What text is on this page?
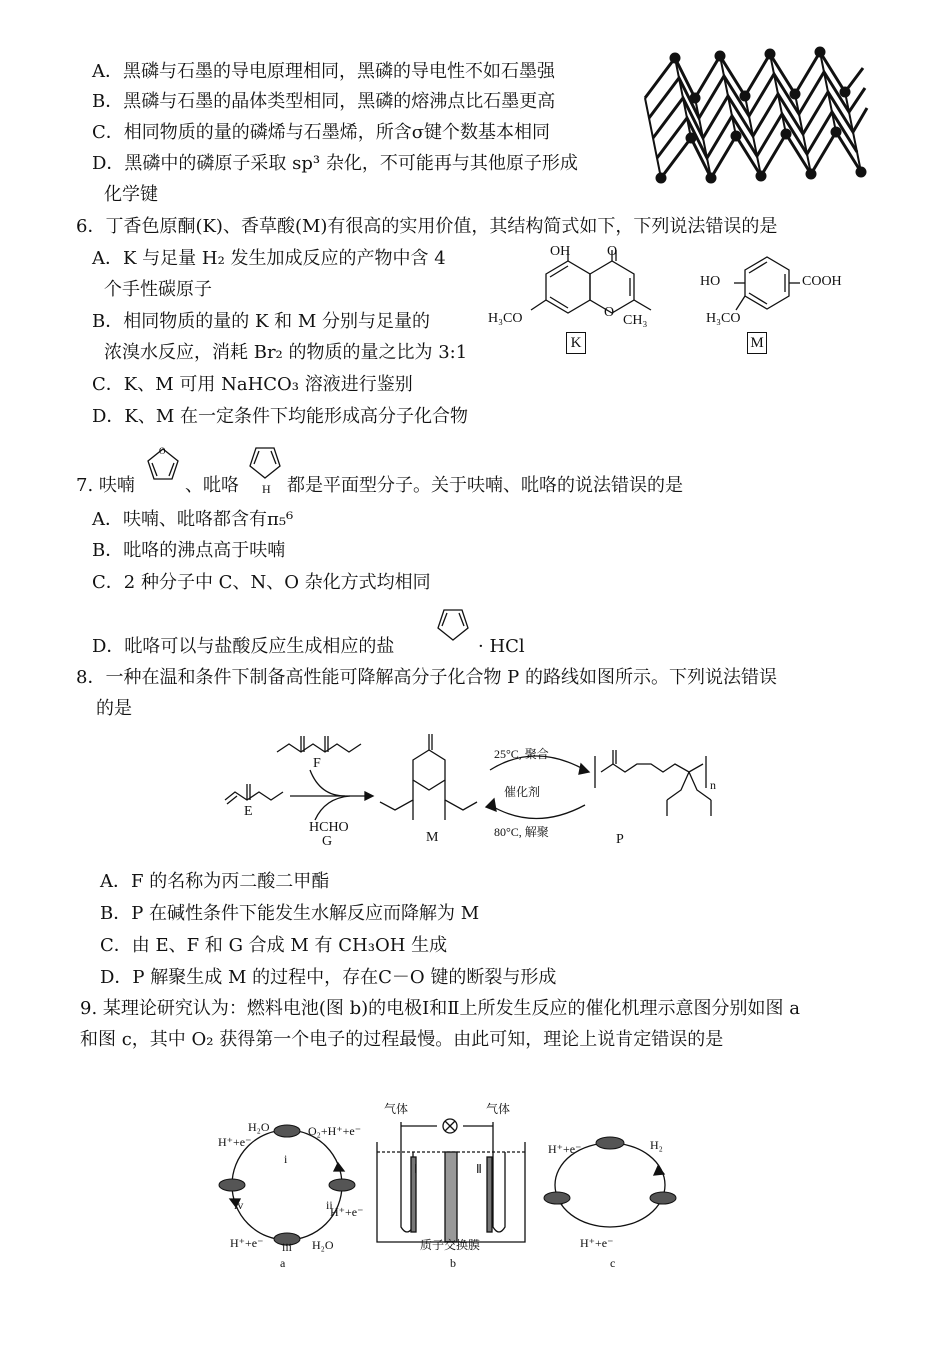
A．黑磷与石墨的导电原理相同，黑磷的导电性不如石墨强
B．黑磷与石墨的晶体类型相同，黑磷的熔沸点比石墨更高
C．相同物质的量的磷烯与石墨烯，所含σ键个数基本相同
D．黑磷中的磷原子采取 sp³ 杂化，不可能再与其他原子形成
化学键
6．丁香色原酮(K)、香草酸(M)有很高的实用价值，其结构简式如下，下列说法错误的是
A．K 与足量 H₂ 发生加成反应的产物中含 4
个手性碳原子
B．相同物质的量的 K 和 M 分别与足量的
浓溴水反应，消耗 Br₂ 的物质的量之比为 3:1
C．K、M 可用 NaHCO₃ 溶液进行鉴别
D．K、M 在一定条件下均能形成高分子化合物
OH	O
H₃CO	CH₃
O
K
HO	COOH
H₃CO
M
7. 呋喃
O
、吡咯 H 都是平面型分子。关于呋喃、吡咯的说法错误的是
A．呋喃、吡咯都含有π₅⁶
B．吡咯的沸点高于呋喃
C．2 种分子中 C、N、O 杂化方式均相同
D．吡咯可以与盐酸反应生成相应的盐	· HCl
8．一种在温和条件下制备高性能可降解高分子化合物 P 的路线如图所示。下列说法错误
的是
E
F
HCHO
G	M
25°C, 聚合
催化剂
80°C, 解聚	P
n
A．F 的名称为丙二酸二甲酯
B．P 在碱性条件下能发生水解反应而降解为 M
C．由 E、F 和 G 合成 M 有 CH₃OH 生成
D．P 解聚生成 M 的过程中，存在C－O 键的断裂与形成
9. 某理论研究认为：燃料电池(图 b)的电极Ⅰ和Ⅱ上所发生反应的催化机理示意图分别如图 a
和图 c，其中 O₂ 获得第一个电子的过程最慢。由此可知，理论上说肯定错误的是
H₂O	O₂+H⁺+e⁻
H⁺+e⁻
H⁺+e⁻
H⁺+e⁻	H₂O
i
ii
iii
iv
a
气体	气体
Ⅰ	Ⅱ
质子交换膜
b
H⁺+e⁻	H₂
H⁺+e⁻
c
